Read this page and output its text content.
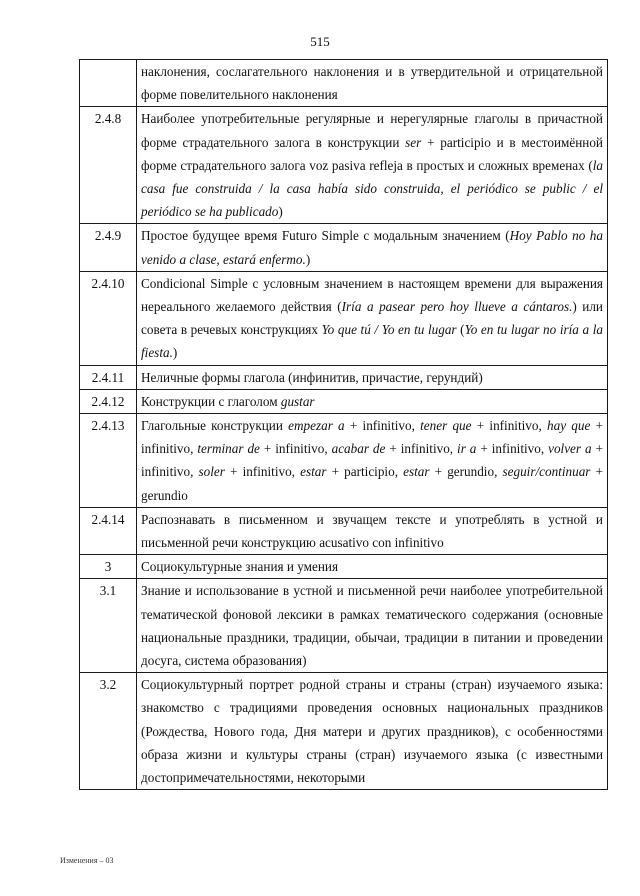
515
	наклонения, сослагательного наклонения и в утвердительной и отрицательной форме повелительного наклонения
2.4.8	Наиболее употребительные регулярные и нерегулярные глаголы в причастной форме страдательного залога в конструкции ser + participio и в местоимённой форме страдательного залога voz pasiva refleja в простых и сложных временах (la casa fue construida / la casa había sido construida, el periódico se public / el periódico se ha publicado)
2.4.9	Простое будущее время Futuro Simple с модальным значением (Hoy Pablo no ha venido a clase, estará enfermo.)
2.4.10	Condicional Simple с условным значением в настоящем времени для выражения нереального желаемого действия (Iría a pasear pero hoy llueve a cántaros.) или совета в речевых конструкциях Yo que tú / Yo en tu lugar (Yo en tu lugar no iría a la fiesta.)
2.4.11	Неличные формы глагола (инфинитив, причастие, герундий)
2.4.12	Конструкции с глаголом gustar
2.4.13	Глагольные конструкции empezar a + infinitivo, tener que + infinitivo, hay que + infinitivo, terminar de + infinitivo, acabar de + infinitivo, ir a + infinitivo, volver a + infinitivo, soler + infinitivo, estar + participio, estar + gerundio, seguir/continuar + gerundio
2.4.14	Распознавать в письменном и звучащем тексте и употреблять в устной и письменной речи конструкцию acusativo con infinitivo
3	Социокультурные знания и умения
3.1	Знание и использование в устной и письменной речи наиболее употребительной тематической фоновой лексики в рамках тематического содержания (основные национальные праздники, традиции, обычаи, традиции в питании и проведении досуга, система образования)
3.2	Социокультурный портрет родной страны и страны (стран) изучаемого языка: знакомство с традициями проведения основных национальных праздников (Рождества, Нового года, Дня матери и других праздников), с особенностями образа жизни и культуры страны (стран) изучаемого языка (с известными достопримечательностями, некоторыми
Изменения – 03
